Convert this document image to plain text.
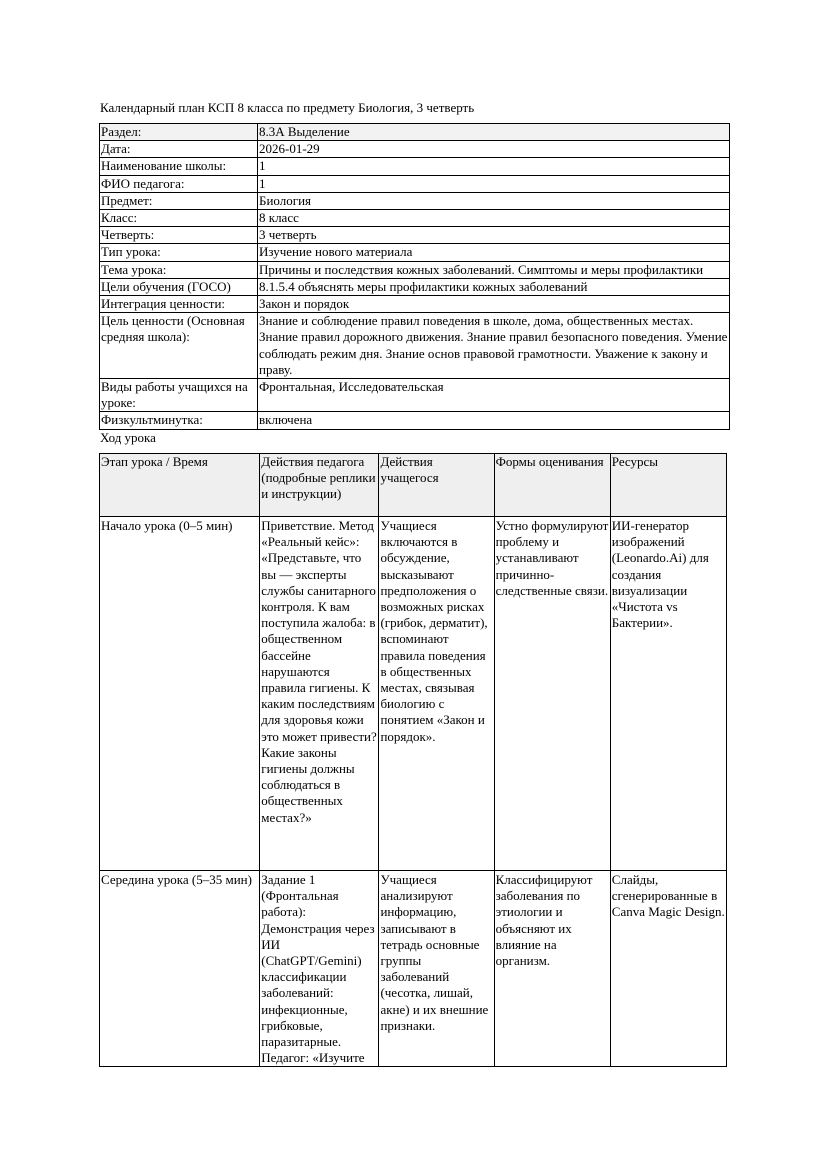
Календарный план КСП 8 класса по предмету Биология, 3 четверть
Раздел:	8.3А Выделение
Дата:	2026-01-29
Наименование школы:	1
ФИО педагога:	1
Предмет:	Биология
Класс:	8 класс
Четверть:	3 четверть
Тип урока:	Изучение нового материала
Тема урока:	Причины и последствия кожных заболеваний. Симптомы и меры профилактики
Цели обучения (ГОСО)	8.1.5.4 объяснять меры профилактики кожных заболеваний
Интеграция ценности:	Закон и порядок
Цель ценности (Основная средняя школа):	Знание и соблюдение правил поведения в школе, дома, общественных местах. Знание правил дорожного движения. Знание правил безопасного поведения. Умение соблюдать режим дня. Знание основ правовой грамотности. Уважение к закону и праву.
Виды работы учащихся на уроке:	Фронтальная, Исследовательская
Физкультминутка:	включена
Ход урока
Этап урока / Время	Действия педагога (подробные реплики и инструкции)	Действия учащегося	Формы оценивания	Ресурсы
Начало урока (0–5 мин)	Приветствие. Метод «Реальный кейс»: «Представьте, что вы — эксперты службы санитарного контроля. К вам поступила жалоба: в общественном бассейне нарушаются правила гигиены. К каким последствиям для здоровья кожи это может привести? Какие законы гигиены должны соблюдаться в общественных местах?»	Учащиеся включаются в обсуждение, высказывают предположения о возможных рисках (грибок, дерматит), вспоминают правила поведения в общественных местах, связывая биологию с понятием «Закон и порядок».	Устно формулируют проблему и устанавливают причинно-следственные связи.	ИИ-генератор изображений (Leonardo.Ai) для создания визуализации «Чистота vs Бактерии».
Середина урока (5–35 мин)	Задание 1 (Фронтальная работа): Демонстрация через ИИ (ChatGPT/Gemini) классификации заболеваний: инфекционные, грибковые, паразитарные. Педагог: «Изучите	Учащиеся анализируют информацию, записывают в тетрадь основные группы заболеваний (чесотка, лишай, акне) и их внешние признаки.	Классифицируют заболевания по этиологии и объясняют их влияние на организм.	Слайды, сгенерированные в Canva Magic Design.
